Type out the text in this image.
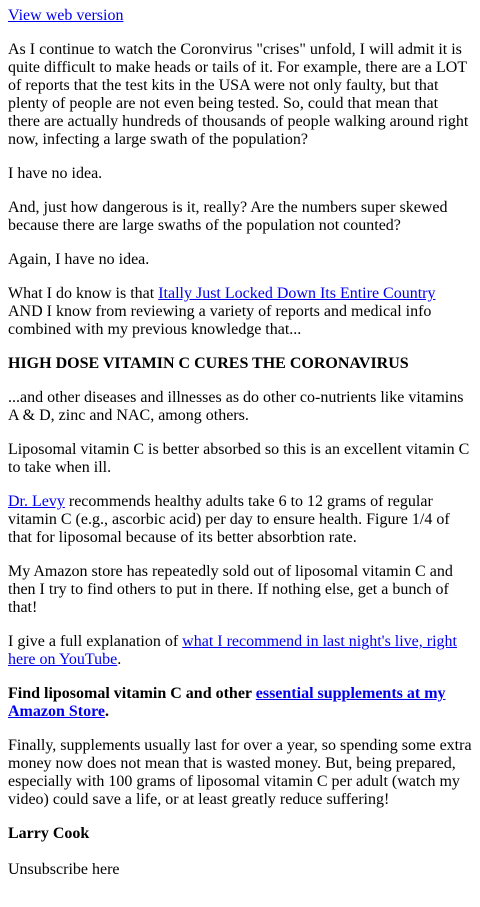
View web version

As I continue to watch the Coronvirus "crises" unfold, I will admit it is quite difficult to make heads or tails of it. For example, there are a LOT of reports that the test kits in the USA were not only faulty, but that plenty of people are not even being tested. So, could that mean that there are actually hundreds of thousands of people walking around right now, infecting a large swath of the population?

I have no idea.

And, just how dangerous is it, really? Are the numbers super skewed because there are large swaths of the population not counted?

Again, I have no idea.

What I do know is that Itally Just Locked Down Its Entire Country AND I know from reviewing a variety of reports and medical info combined with my previous knowledge that...

HIGH DOSE VITAMIN C CURES THE CORONAVIRUS

...and other diseases and illnesses as do other co-nutrients like vitamins A & D, zinc and NAC, among others.

Liposomal vitamin C is better absorbed so this is an excellent vitamin C to take when ill.

Dr. Levy recommends healthy adults take 6 to 12 grams of regular vitamin C (e.g., ascorbic acid) per day to ensure health. Figure 1/4 of that for liposomal because of its better absorbtion rate.

My Amazon store has repeatedly sold out of liposomal vitamin C and then I try to find others to put in there. If nothing else, get a bunch of that!

I give a full explanation of what I recommend in last night's live, right here on YouTube.

Find liposomal vitamin C and other essential supplements at my Amazon Store.

Finally, supplements usually last for over a year, so spending some extra money now does not mean that is wasted money. But, being prepared, especially with 100 grams of liposomal vitamin C per adult (watch my video) could save a life, or at least greatly reduce suffering!

Larry Cook

Unsubscribe here
